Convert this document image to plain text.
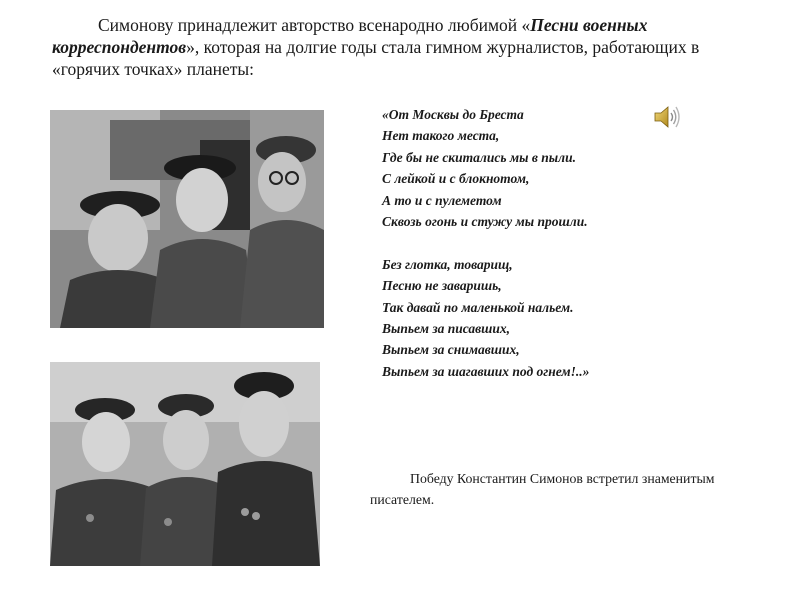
Симонову принадлежит авторство всенародно любимой «Песни военных корреспондентов», которая на долгие годы стала гимном журналистов, работающих в «горячих точках» планеты:

«От Москвы до Бреста
Нет такого места,
Где бы не скитались мы в пыли.
С лейкой и с блокнотом,
А то и с пулеметом
Сквозь огонь и стужу мы прошли.
Без глотка, товарищ,
Песню не заваришь,
Так давай по маленькой нальем.
Выпьем за писавших,
Выпьем за снимавших,
Выпьем за шагавших под огнем!..»

Победу Константин Симонов встретил знаменитым писателем.
